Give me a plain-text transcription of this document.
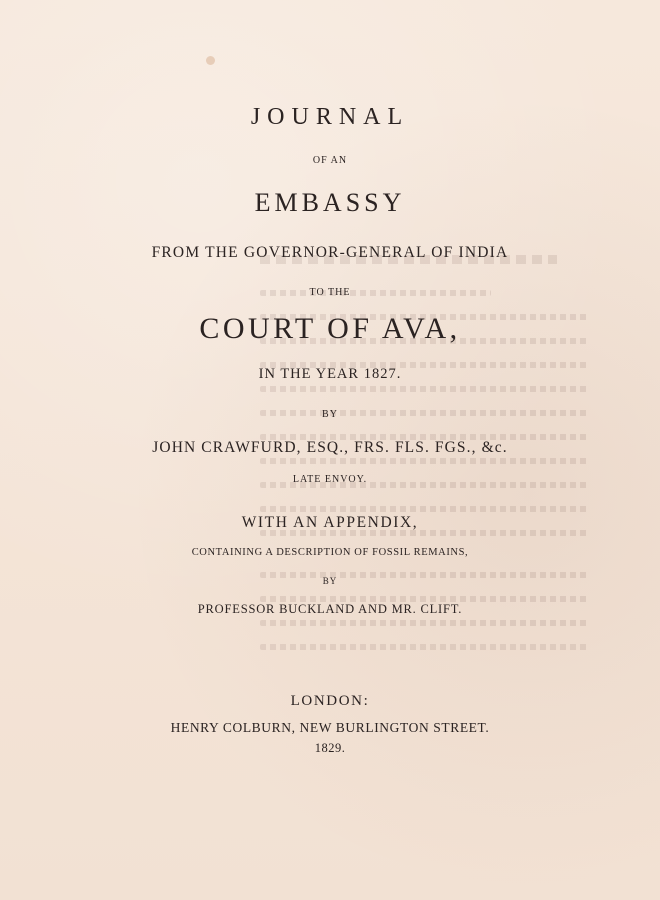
JOURNAL
OF AN
EMBASSY
FROM THE GOVERNOR-GENERAL OF INDIA
TO THE
COURT OF AVA,
IN THE YEAR 1827.
BY
JOHN CRAWFURD, ESQ., FRS. FLS. FGS., &c.
LATE ENVOY.
WITH AN APPENDIX,
CONTAINING A DESCRIPTION OF FOSSIL REMAINS,
BY
PROFESSOR BUCKLAND AND MR. CLIFT.
LONDON:
HENRY COLBURN, NEW BURLINGTON STREET.
1829.
